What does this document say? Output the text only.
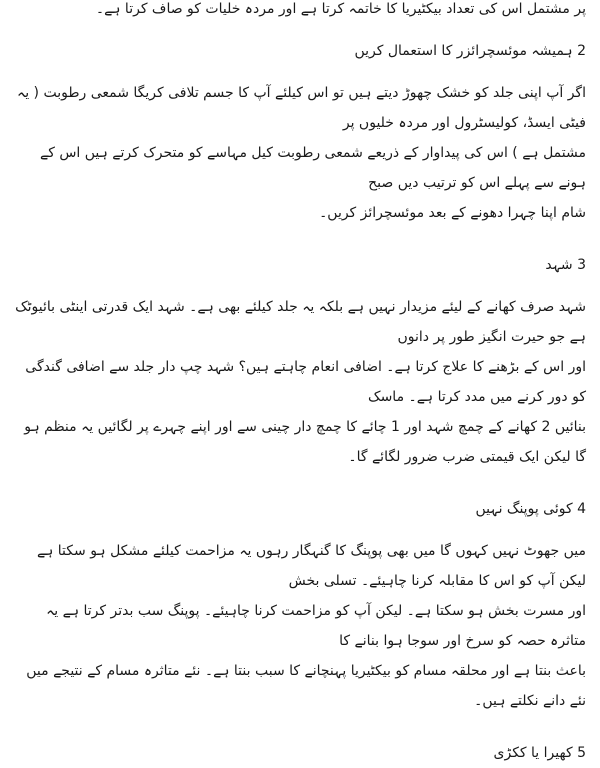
پر مشتمل اس کی تعداد بیکٹیریا کا خاتمہ کرتا ہے اور مردہ خلیات کو صاف کرتا ہے۔

2 ہمیشہ موئسچرائزر کا استعمال کریں

اگر آپ اپنی جلد کو خشک چھوڑ دیتے ہیں تو اس کیلئے آپ کا جسم تلافی کریگا شمعی رطوبت ( یہ فیٹی ایسڈ، کولیسٹرول اور مردہ خلیوں پر

مشتمل ہے ) اس کی پیداوار کے ذریعے شمعی رطوبت کیل مہاسے کو متحرک کرتے ہیں اس کے ہونے سے پہلے اس کو ترتیب دیں صبح

شام اپنا چہرا دھونے کے بعد موئسچرائز کریں۔

3 شہد

شہد صرف کھانے کے لیئے مزیدار نہیں ہے بلکہ یہ جلد کیلئے بھی ہے۔ شہد ایک قدرتی اینٹی بائیوٹک ہے جو حیرت انگیز طور پر دانوں

اور اس کے بڑھنے کا علاج کرتا ہے۔ اضافی انعام چاہتے ہیں؟ شہد چپ دار جلد سے اضافی گندگی کو دور کرنے میں مدد کرتا ہے۔ ماسک

بنائیں 2 کھانے کے چمچ شہد اور 1 چائے کا چمچ دار چینی سے اور اپنے چہرے پر لگائیں یہ منظم ہو گا لیکن ایک قیمتی ضرب ضرور لگائے گا۔

4 کوئی پوپنگ نہیں

میں جھوٹ نہیں کہوں گا میں بھی پوپنگ کا گنہگار رہوں یہ مزاحمت کیلئے مشکل ہو سکتا ہے لیکن آپ کو اس کا مقابلہ کرنا چاہیئے۔ تسلی بخش

اور مسرت بخش ہو سکتا ہے۔ لیکن آپ کو مزاحمت کرنا چاہیئے۔ پوپنگ سب بدتر کرتا ہے یہ متاثرہ حصہ کو سرخ اور سوجا ہوا بنانے کا

باعث بنتا ہے اور محلقہ مسام کو بیکٹیریا پہنچانے کا سبب بنتا ہے۔ نئے متاثرہ مسام کے نتیجے میں نئے دانے نکلتے ہیں۔

5 کھیرا یا ککڑی
